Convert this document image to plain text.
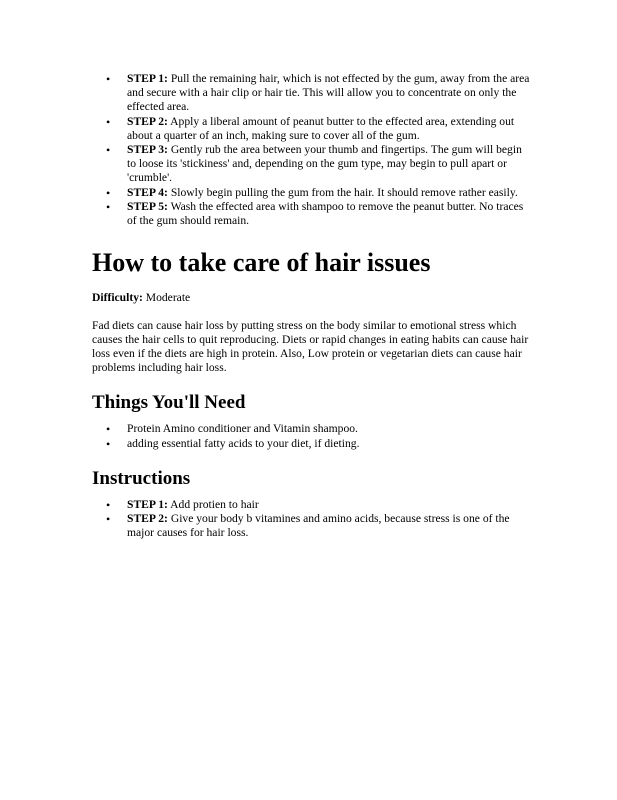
• STEP 1: Pull the remaining hair, which is not effected by the gum, away from the area and secure with a hair clip or hair tie. This will allow you to concentrate on only the effected area.
• STEP 2: Apply a liberal amount of peanut butter to the effected area, extending out about a quarter of an inch, making sure to cover all of the gum.
• STEP 3: Gently rub the area between your thumb and fingertips. The gum will begin to loose its 'stickiness' and, depending on the gum type, may begin to pull apart or 'crumble'.
• STEP 4: Slowly begin pulling the gum from the hair. It should remove rather easily.
• STEP 5: Wash the effected area with shampoo to remove the peanut butter. No traces of the gum should remain.
How to take care of hair issues

Difficulty: Moderate

Fad diets can cause hair loss by putting stress on the body similar to emotional stress which causes the hair cells to quit reproducing. Diets or rapid changes in eating habits can cause hair loss even if the diets are high in protein. Also, Low protein or vegetarian diets can cause hair problems including hair loss.

Things You'll Need
• Protein Amino conditioner and Vitamin shampoo.
• adding essential fatty acids to your diet, if dieting.
Instructions
• STEP 1: Add protien to hair
• STEP 2: Give your body b vitamines and amino acids, because stress is one of the major causes for hair loss.
